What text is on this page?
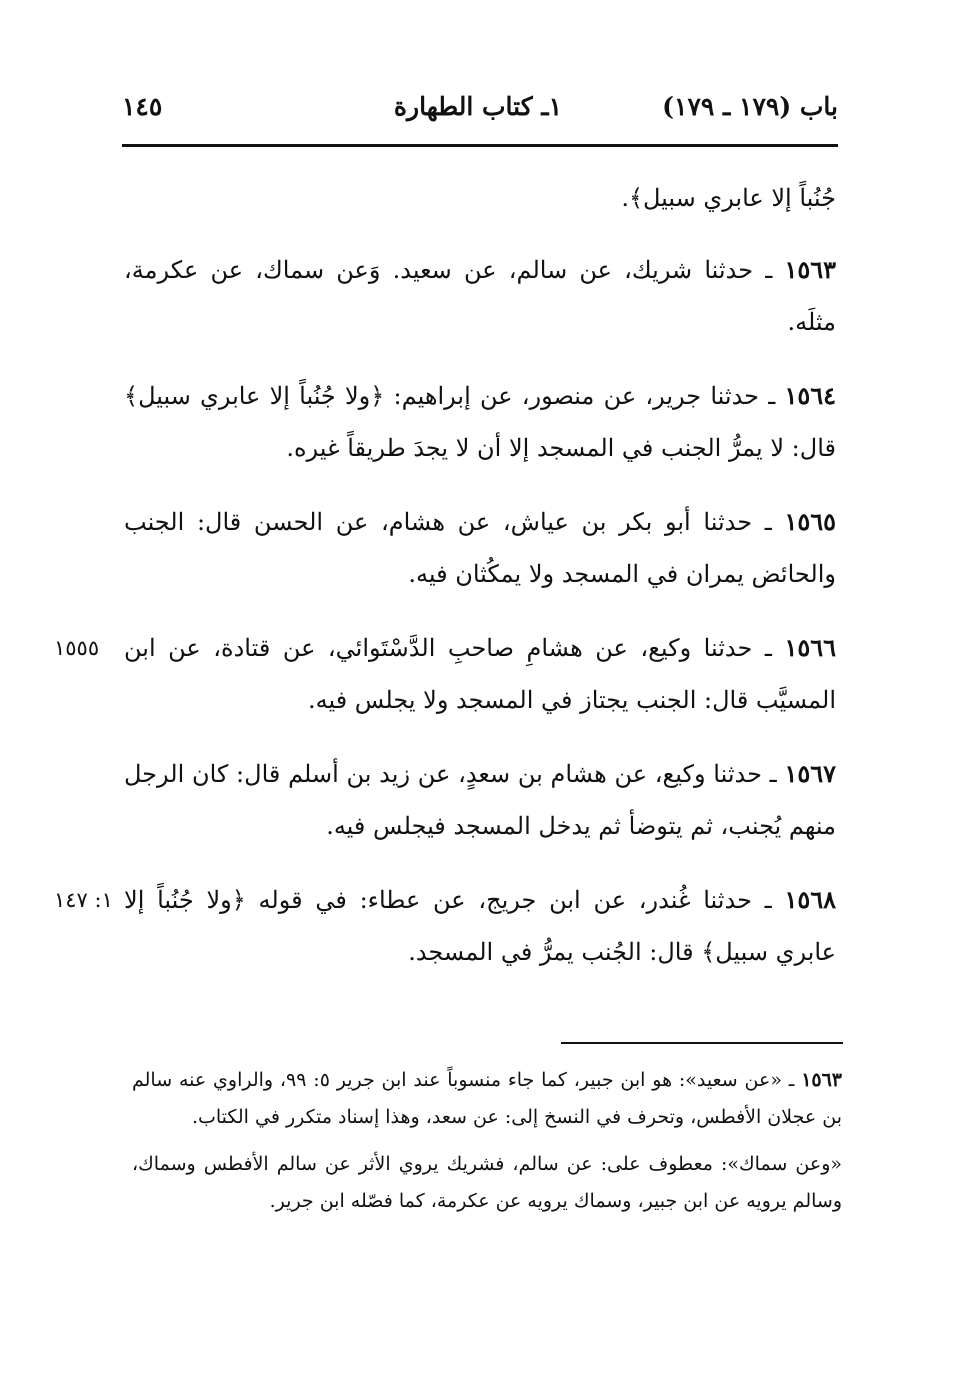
باب (١٧٩ ـ ١٧٩)
١ـ كتاب الطهارة
١٤٥

جُنُباً إلا عابري سبيل﴾.

١٥٦٣ ـ حدثنا شريك، عن سالم، عن سعيد. وَعن سماك، عن عكرمة، مثلَه.

١٥٦٤ ـ حدثنا جرير، عن منصور، عن إبراهيم: ﴿ولا جُنُباً إلا عابري سبيل﴾ قال: لا يمرُّ الجنب في المسجد إلا أن لا يجدَ طريقاً غيره.

١٥٦٥ ـ حدثنا أبو بكر بن عياش، عن هشام، عن الحسن قال: الجنب والحائض يمران في المسجد ولا يمكُثان فيه.

١٥٥٥	١٥٦٦ ـ حدثنا وكيع، عن هشامِ صاحبِ الدَّسْتَوائي، عن قتادة، عن ابن المسيَّب قال: الجنب يجتاز في المسجد ولا يجلس فيه.

١٥٦٧ ـ حدثنا وكيع، عن هشام بن سعدٍ، عن زيد بن أسلم قال: كان الرجل منهم يُجنب، ثم يتوضأ ثم يدخل المسجد فيجلس فيه.

١: ١٤٧	١٥٦٨ ـ حدثنا غُندر، عن ابن جريج، عن عطاء: في قوله ﴿ولا جُنُباً إلا عابري سبيل﴾ قال: الجُنب يمرُّ في المسجد.

١٥٦٣ ـ «عن سعيد»: هو ابن جبير، كما جاء منسوباً عند ابن جرير ٥: ٩٩، والراوي عنه سالم بن عجلان الأفطس، وتحرف في النسخ إلى: عن سعد، وهذا إسناد متكرر في الكتاب.

«وعن سماك»: معطوف على: عن سالم، فشريك يروي الأثر عن سالم الأفطس وسماك، وسالم يرويه عن ابن جبير، وسماك يرويه عن عكرمة، كما فصّله ابن جرير.
